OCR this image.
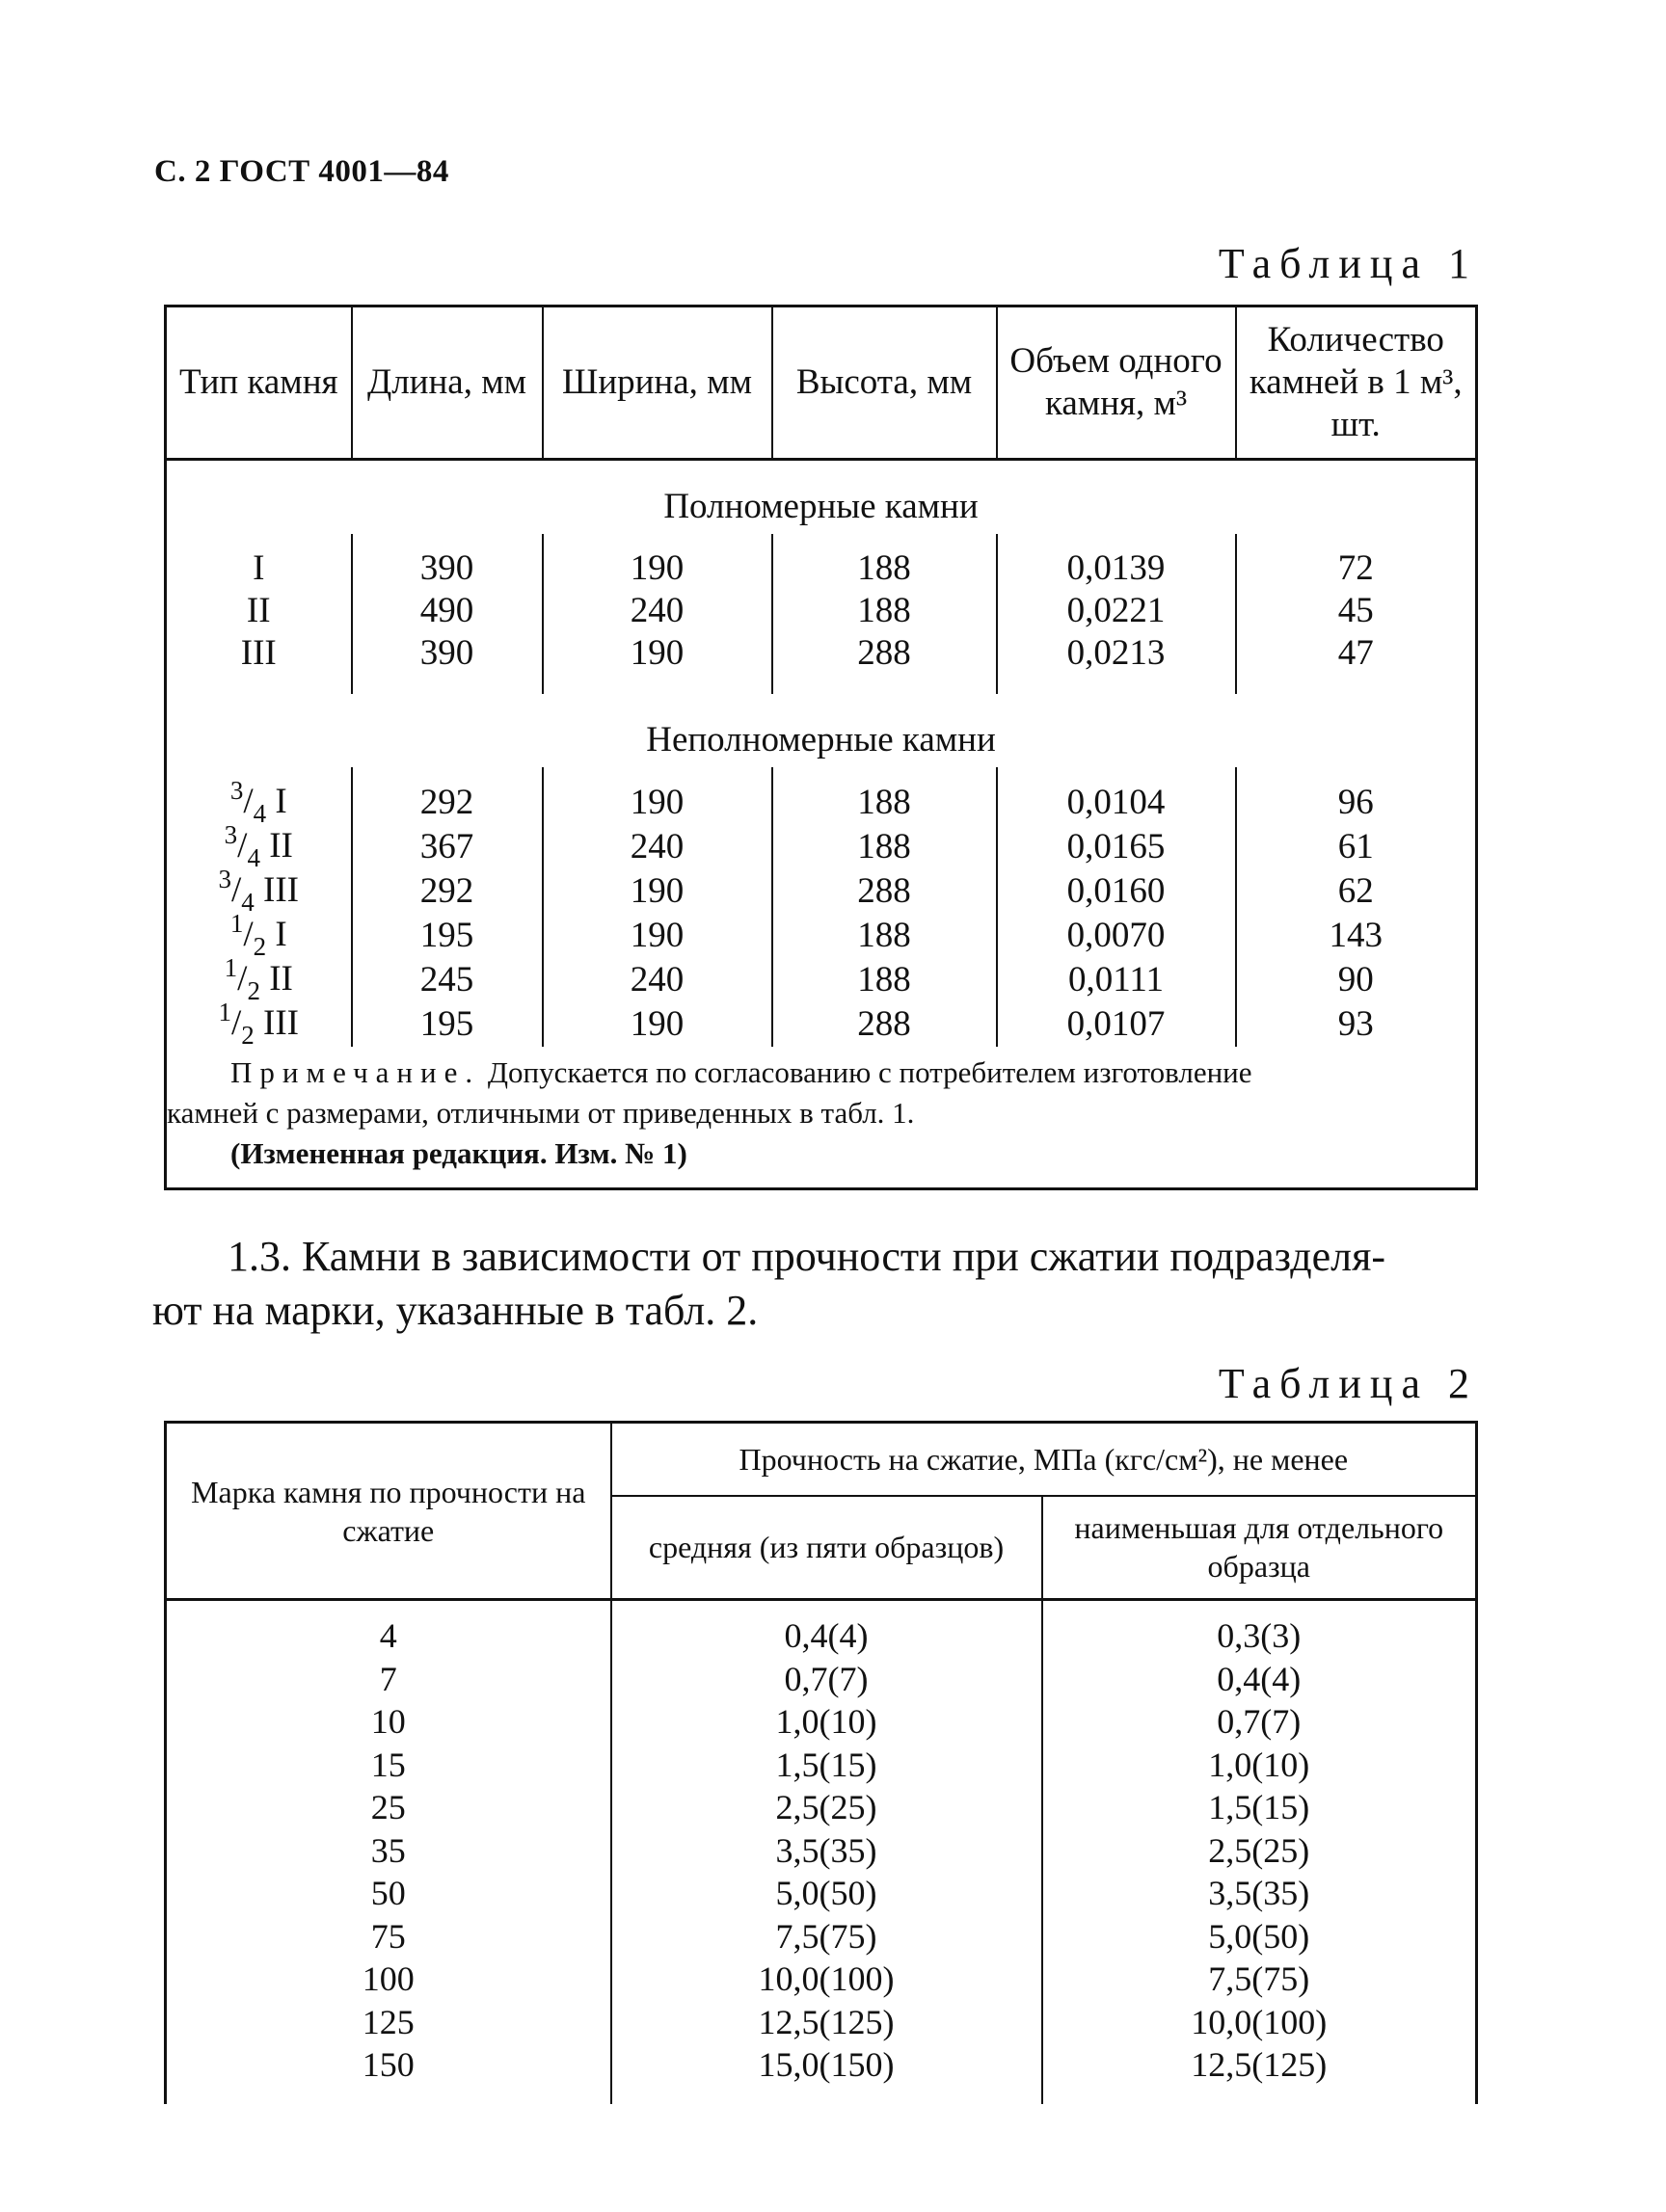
С. 2 ГОСТ 4001—84
Таблица 1
Тип камня	Длина, мм	Ширина, мм	Высота, мм	Объем одного камня, м³	Количество камней в 1 м³, шт.
Полномерные камни					
I	390	190	188	0,0139	72
II	490	240	188	0,0221	45
III	390	190	288	0,0213	47
Неполномерные камни					
$^3/_4$ I	292	190	188	0,0104	96
$^3/_4$ II	367	240	188	0,0165	61
$^3/_4$ III	292	190	288	0,0160	62
$^1/_2$ I	195	190	188	0,0070	143
$^1/_2$ II	245	240	188	0,0111	90
$^1/_2$ III	195	190	288	0,0107	93
Примечание. Допускается по согласованию с потребителем изготовление
камней с размерами, отличными от приведенных в табл. 1.
(Измененная редакция. Изм. № 1)					
1.3. Камни в зависимости от прочности при сжатии подразделя-
ют на марки, указанные в табл. 2.
Таблица 2
Марка камня по прочности на сжатие	Прочность на сжатие, МПа (кгс/см²), не менее	
	средняя (из пяти образцов)	наименьшая для отдельного образца
4	0,4(4)	0,3(3)
7	0,7(7)	0,4(4)
10	1,0(10)	0,7(7)
15	1,5(15)	1,0(10)
25	2,5(25)	1,5(15)
35	3,5(35)	2,5(25)
50	5,0(50)	3,5(35)
75	7,5(75)	5,0(50)
100	10,0(100)	7,5(75)
125	12,5(125)	10,0(100)
150	15,0(150)	12,5(125)
